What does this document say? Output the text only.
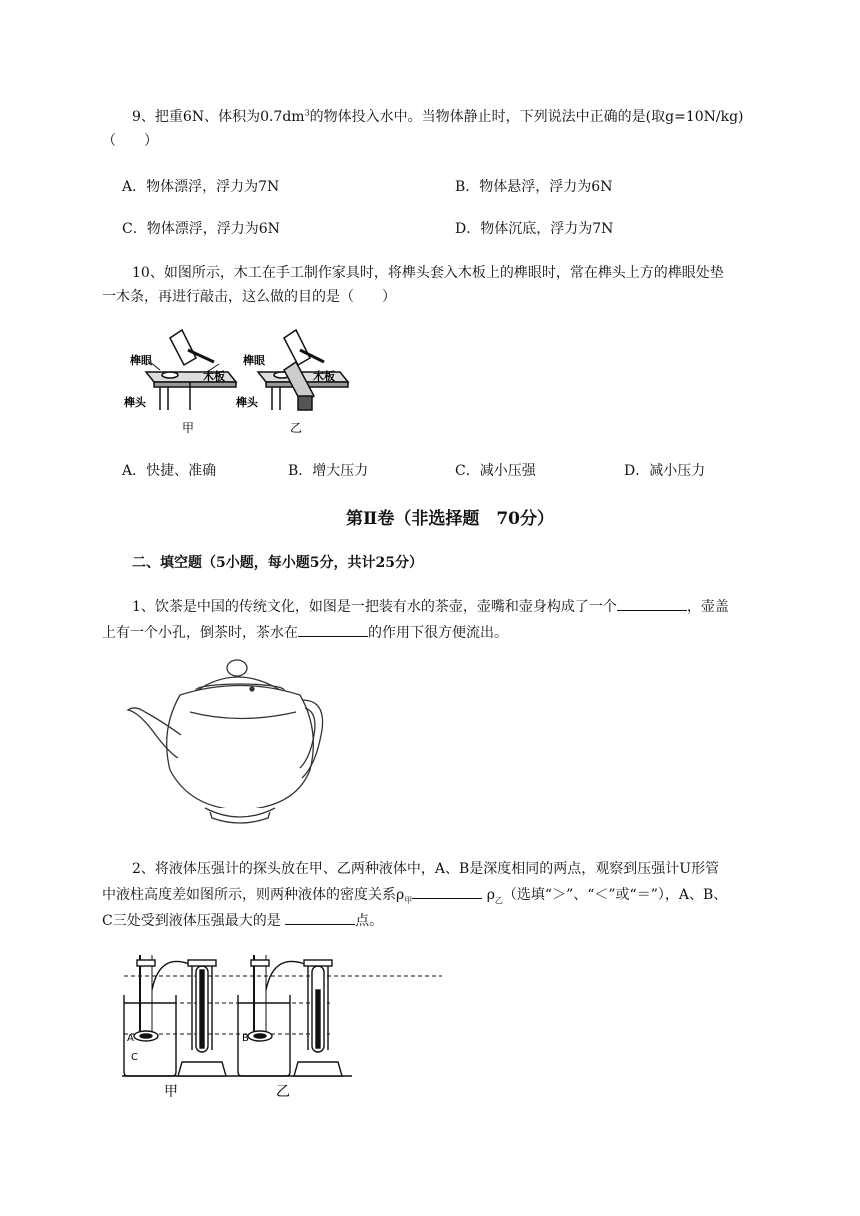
9、把重6N、体积为$0.7dm^3$的物体投入水中。当物体静止时，下列说法中正确的是(取g=10N/kg)
（　　）
A．物体漂浮，浮力为7N	B．物体悬浮，浮力为6N
C．物体漂浮，浮力为6N	D．物体沉底，浮力为7N
10、如图所示，木工在手工制作家具时，将榫头套入木板上的榫眼时，常在榫头上方的榫眼处垫
一木条，再进行敲击，这么做的目的是（　　）
榫眼
木板
榫头
甲
榫眼
木板
榫头
乙
A．快捷、准确	B．增大压力	C．减小压强	D．减小压力
第Ⅱ卷（非选择题　70分）
二、填空题（5小题，每小题5分，共计25分）
1、饮茶是中国的传统文化，如图是一把装有水的茶壶，壶嘴和壶身构成了一个	，壶盖
上有一个小孔，倒茶时，茶水在	的作用下很方便流出。
2、将液体压强计的探头放在甲、乙两种液体中，A、B是深度相同的两点，观察到压强计U形管
中液柱高度差如图所示，则两种液体的密度关系$\rho_甲$	$\rho_乙$（选填“＞”、“＜”或“＝”），A、B、
C三处受到液体压强最大的是	点。
A
C
B
甲	乙
